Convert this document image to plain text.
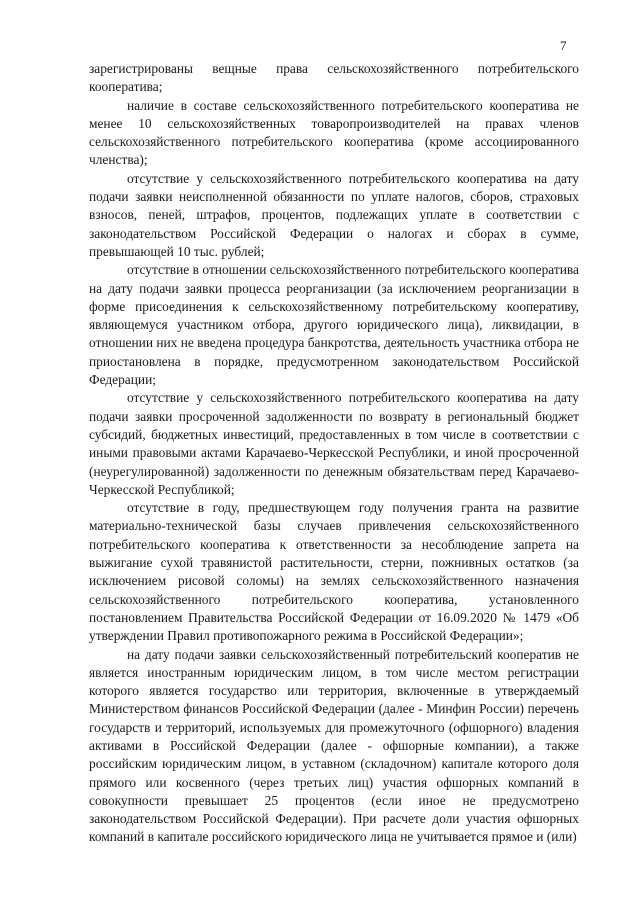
7

зарегистрированы вещные права сельскохозяйственного потребительского кооператива;

наличие в составе сельскохозяйственного потребительского кооператива не менее 10 сельскохозяйственных товаропроизводителей на правах членов сельскохозяйственного потребительского кооператива (кроме ассоциированного членства);

отсутствие у сельскохозяйственного потребительского кооператива на дату подачи заявки неисполненной обязанности по уплате налогов, сборов, страховых взносов, пеней, штрафов, процентов, подлежащих уплате в соответствии с законодательством Российской Федерации о налогах и сборах в сумме, превышающей 10 тыс. рублей;

отсутствие в отношении сельскохозяйственного потребительского кооператива на дату подачи заявки процесса реорганизации (за исключением реорганизации в форме присоединения к сельскохозяйственному потребительскому кооперативу, являющемуся участником отбора, другого юридического лица), ликвидации, в отношении них не введена процедура банкротства, деятельность участника отбора не приостановлена в порядке, предусмотренном законодательством Российской Федерации;

отсутствие у сельскохозяйственного потребительского кооператива на дату подачи заявки просроченной задолженности по возврату в региональный бюджет субсидий, бюджетных инвестиций, предоставленных в том числе в соответствии с иными правовыми актами Карачаево-Черкесской Республики, и иной просроченной (неурегулированной) задолженности по денежным обязательствам перед Карачаево-Черкесской Республикой;

отсутствие в году, предшествующем году получения гранта на развитие материально-технической базы случаев привлечения сельскохозяйственного потребительского кооператива к ответственности за несоблюдение запрета на выжигание сухой травянистой растительности, стерни, пожнивных остатков (за исключением рисовой соломы) на землях сельскохозяйственного назначения сельскохозяйственного потребительского кооператива, установленного постановлением Правительства Российской Федерации от 16.09.2020 № 1479 «Об утверждении Правил противопожарного режима в Российской Федерации»;

на дату подачи заявки сельскохозяйственный потребительский кооператив не является иностранным юридическим лицом, в том числе местом регистрации которого является государство или территория, включенные в утверждаемый Министерством финансов Российской Федерации (далее - Минфин России) перечень государств и территорий, используемых для промежуточного (офшорного) владения активами в Российской Федерации (далее - офшорные компании), а также российским юридическим лицом, в уставном (складочном) капитале которого доля прямого или косвенного (через третьих лиц) участия офшорных компаний в совокупности превышает 25 процентов (если иное не предусмотрено законодательством Российской Федерации). При расчете доли участия офшорных компаний в капитале российского юридического лица не учитывается прямое и (или)
